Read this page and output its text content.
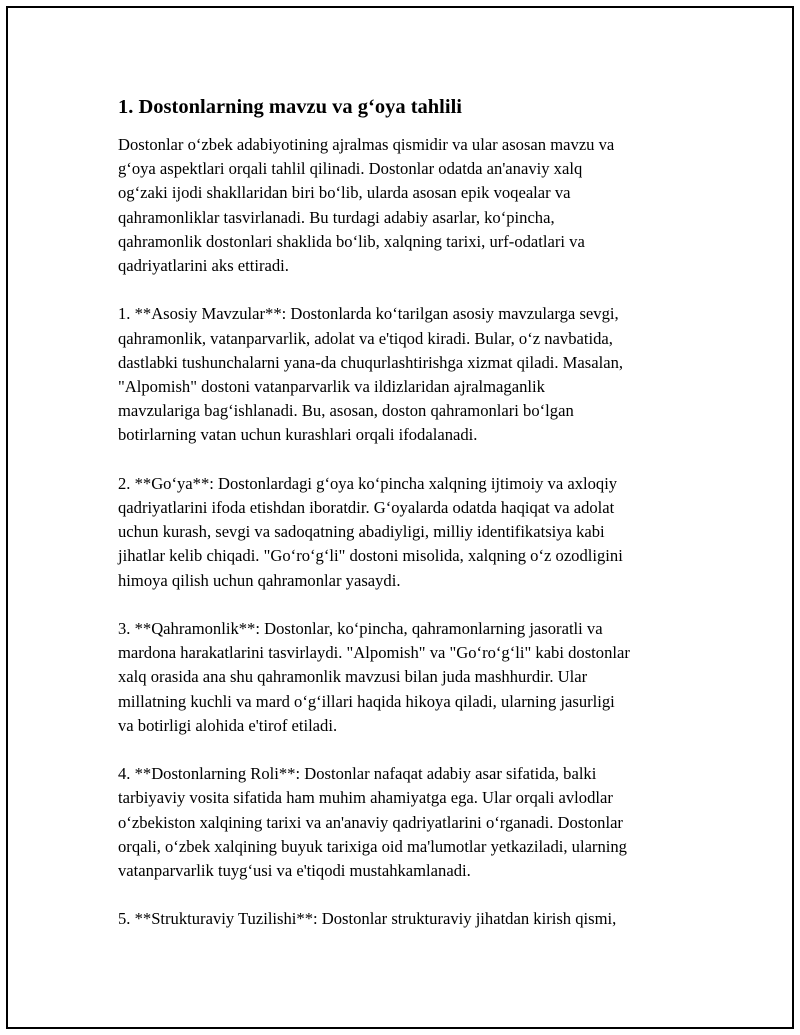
1. Dostonlarning mavzu va g‘oya tahlili
Dostonlar o‘zbek adabiyotining ajralmas qismidir va ular asosan mavzu va
g‘oya aspektlari orqali tahlil qilinadi. Dostonlar odatda an'anaviy xalq
og‘zaki ijodi shakllaridan biri bo‘lib, ularda asosan epik voqealar va
qahramonliklar tasvirlanadi. Bu turdagi adabiy asarlar, ko‘pincha,
qahramonlik dostonlari shaklida bo‘lib, xalqning tarixi, urf-odatlari va
qadriyatlarini aks ettiradi.
1. **Asosiy Mavzular**: Dostonlarda ko‘tarilgan asosiy mavzularga sevgi,
qahramonlik, vatanparvarlik, adolat va e'tiqod kiradi. Bular, o‘z navbatida,
dastlabki tushunchalarni yana-da chuqurlashtirishga xizmat qiladi. Masalan,
"Alpomish" dostoni vatanparvarlik va ildizlaridan ajralmaganlik
mavzulariga bag‘ishlanadi. Bu, asosan, doston qahramonlari bo‘lgan
botirlarning vatan uchun kurashlari orqali ifodalanadi.
2. **Go‘ya**: Dostonlardagi g‘oya ko‘pincha xalqning ijtimoiy va axloqiy
qadriyatlarini ifoda etishdan iboratdir. G‘oyalarda odatda haqiqat va adolat
uchun kurash, sevgi va sadoqatning abadiyligi, milliy identifikatsiya kabi
jihatlar kelib chiqadi. "Go‘ro‘g‘li" dostoni misolida, xalqning o‘z ozodligini
himoya qilish uchun qahramonlar yasaydi.
3. **Qahramonlik**: Dostonlar, ko‘pincha, qahramonlarning jasoratli va
mardona harakatlarini tasvirlaydi. "Alpomish" va "Go‘ro‘g‘li" kabi dostonlar
xalq orasida ana shu qahramonlik mavzusi bilan juda mashhurdir. Ular
millatning kuchli va mard o‘g‘illari haqida hikoya qiladi, ularning jasurligi
va botirligi alohida e'tirof etiladi.
4. **Dostonlarning Roli**: Dostonlar nafaqat adabiy asar sifatida, balki
tarbiyaviy vosita sifatida ham muhim ahamiyatga ega. Ular orqali avlodlar
o‘zbekiston xalqining tarixi va an'anaviy qadriyatlarini o‘rganadi. Dostonlar
orqali, o‘zbek xalqining buyuk tarixiga oid ma'lumotlar yetkaziladi, ularning
vatanparvarlik tuyg‘usi va e'tiqodi mustahkamlanadi.
5. **Strukturaviy Tuzilishi**: Dostonlar strukturaviy jihatdan kirish qismi,
